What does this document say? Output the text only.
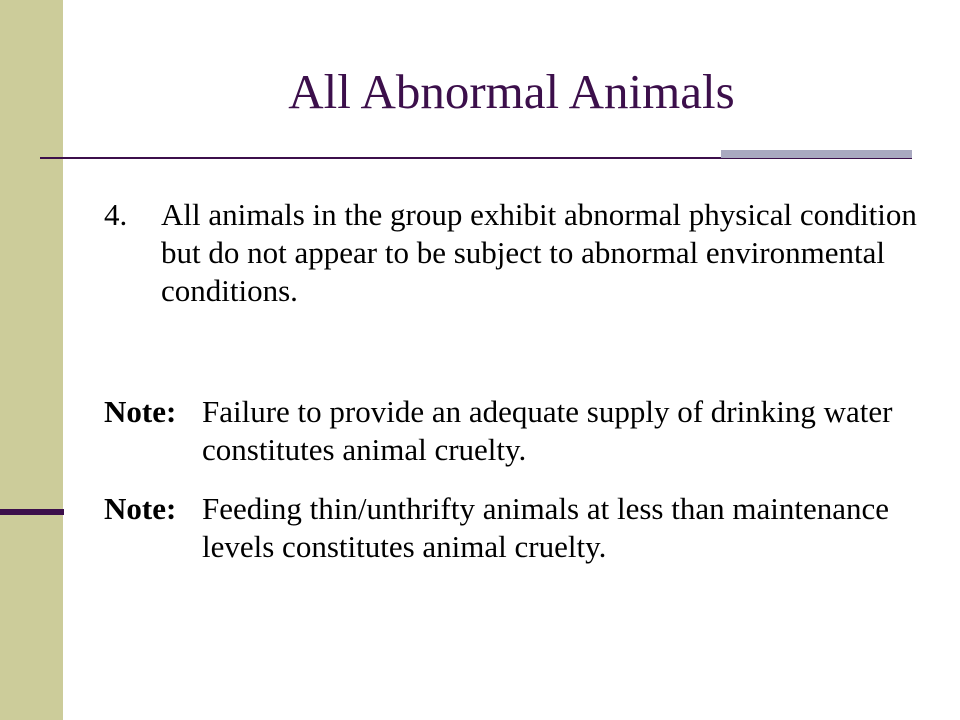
All Abnormal Animals
4.	All animals in the group exhibit abnormal physical condition but do not appear to be subject to abnormal environmental conditions.
Note: Failure to provide an adequate supply of drinking water constitutes animal cruelty.
Note: Feeding thin/unthrifty animals at less than maintenance levels constitutes animal cruelty.
